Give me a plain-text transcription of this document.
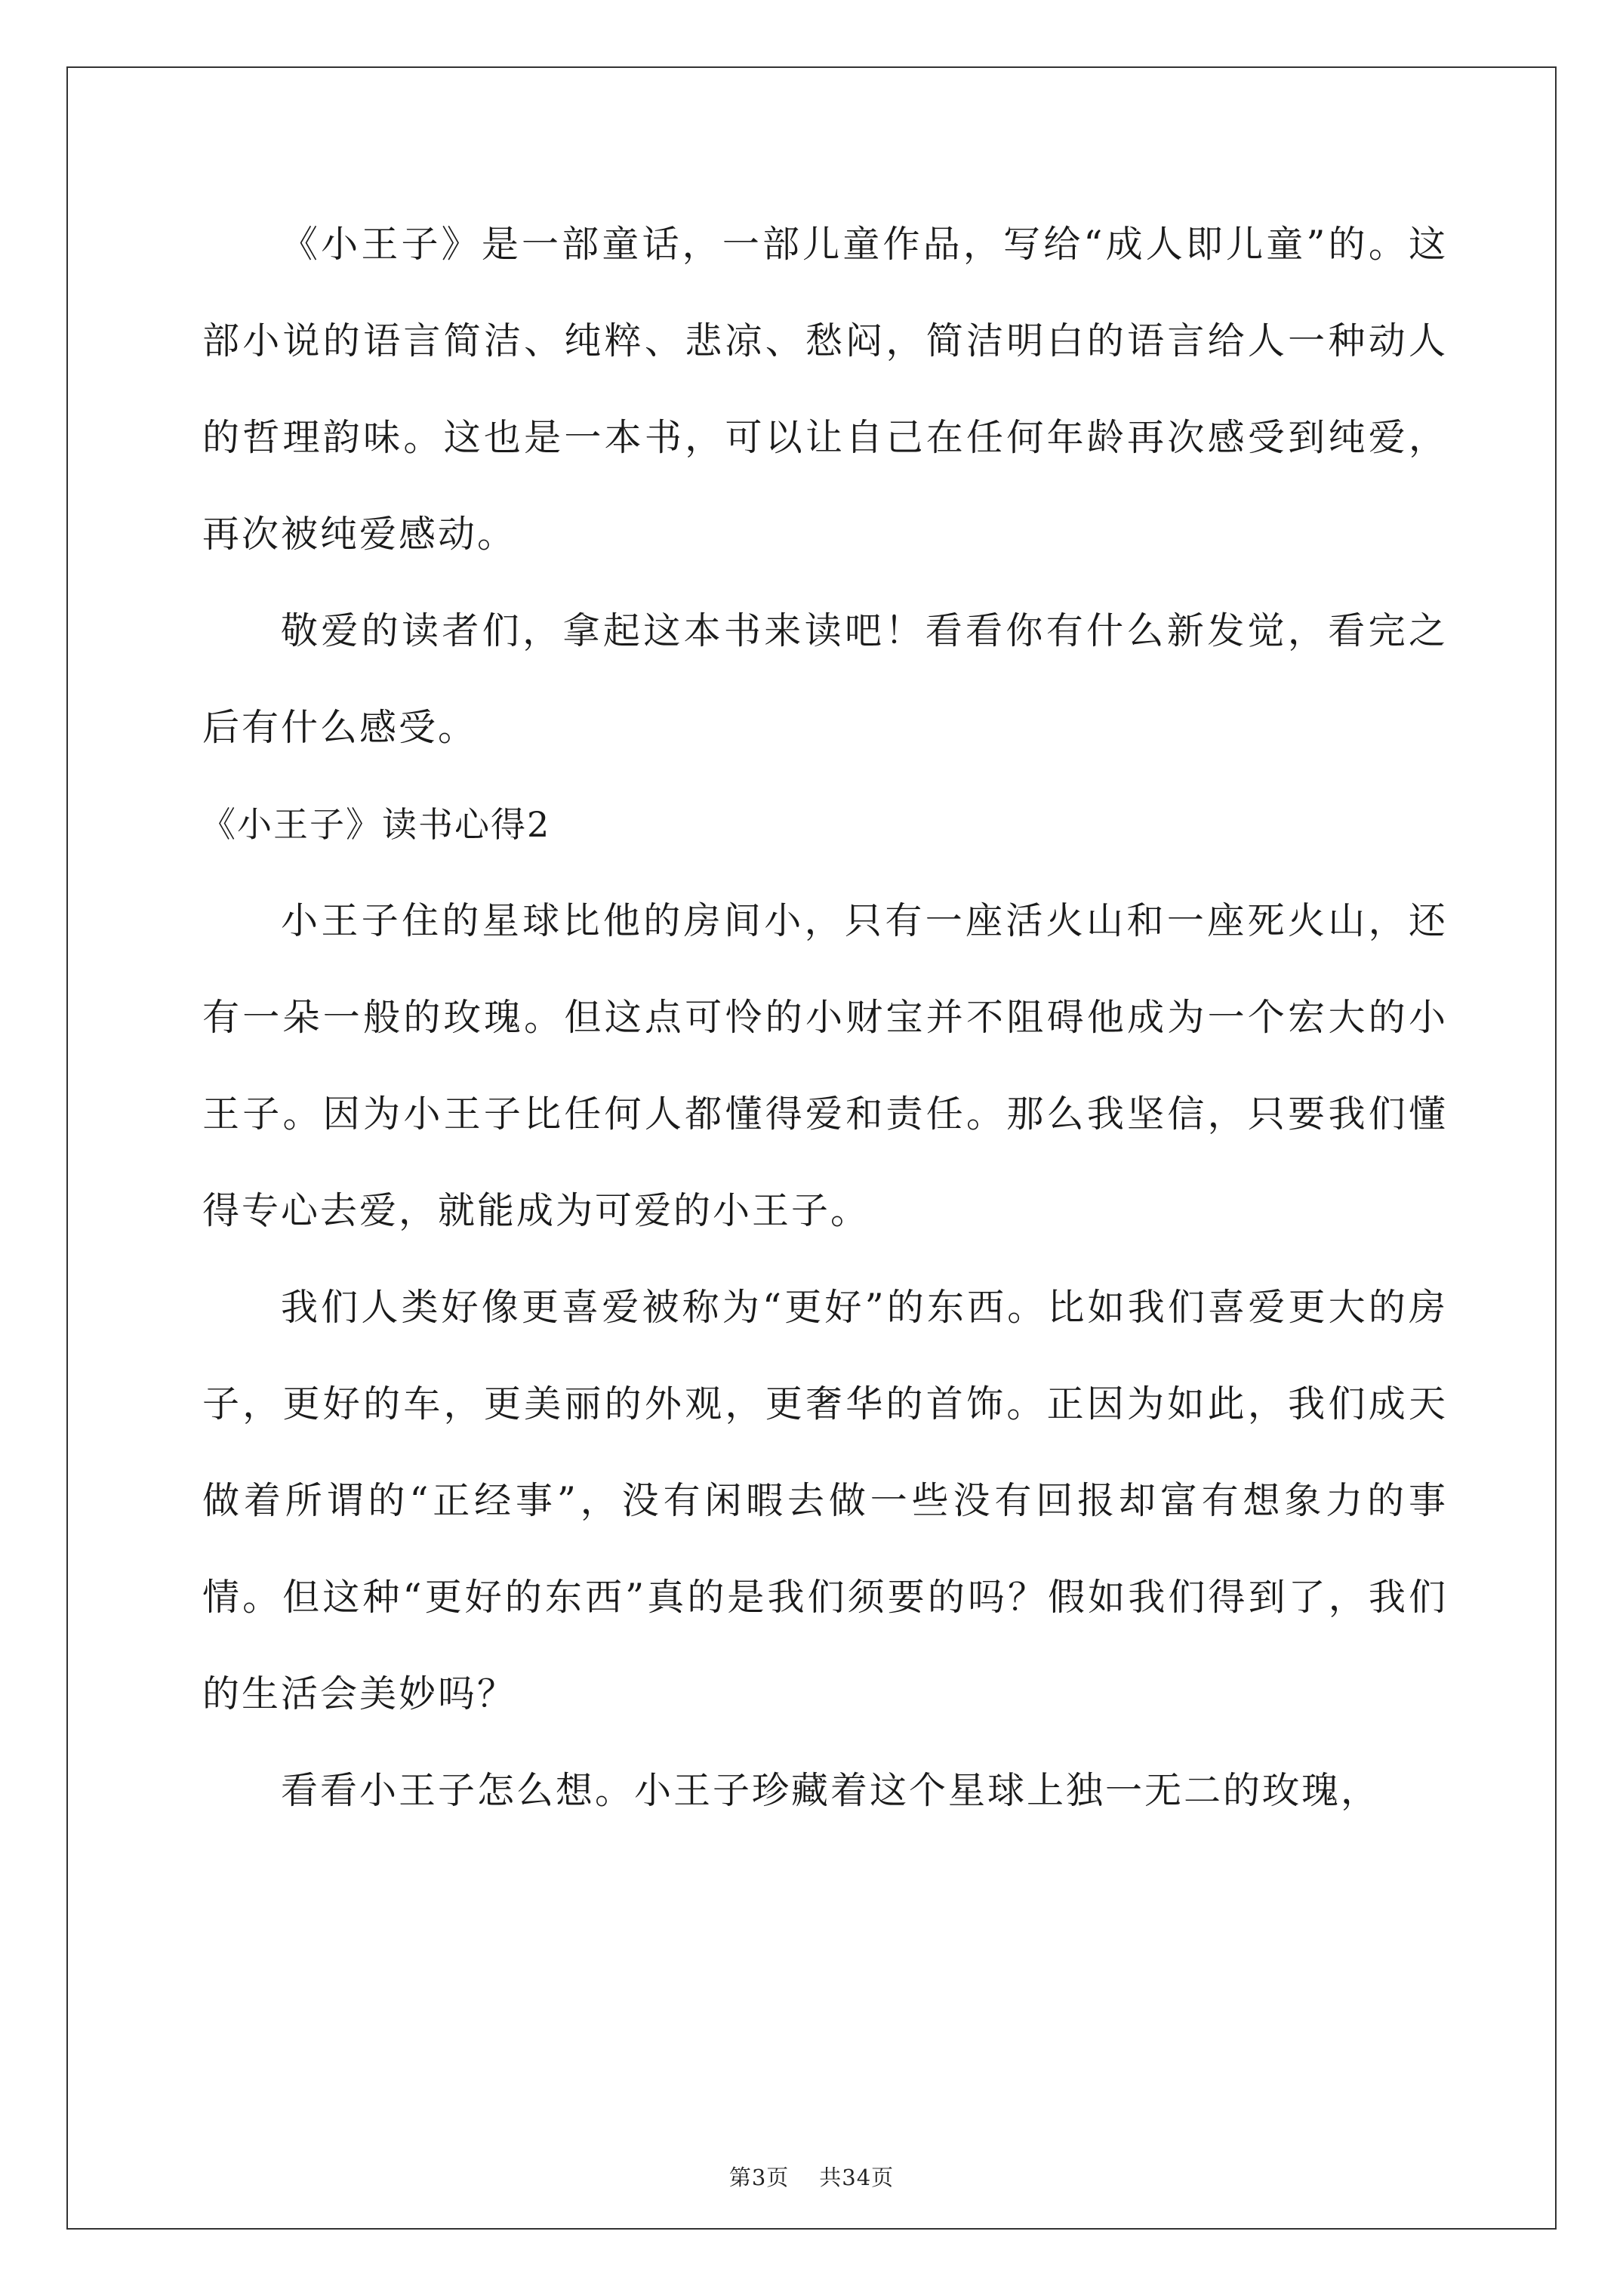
《小王子》是一部童话，一部儿童作品，写给“成人即儿童”的。这部小说的语言简洁、纯粹、悲凉、愁闷，简洁明白的语言给人一种动人的哲理韵味。这也是一本书，可以让自己在任何年龄再次感受到纯爱，再次被纯爱感动。

敬爱的读者们，拿起这本书来读吧！看看你有什么新发觉，看完之后有什么感受。

《小王子》读书心得2

小王子住的星球比他的房间小，只有一座活火山和一座死火山，还有一朵一般的玫瑰。但这点可怜的小财宝并不阻碍他成为一个宏大的小王子。因为小王子比任何人都懂得爱和责任。那么我坚信，只要我们懂得专心去爱，就能成为可爱的小王子。

我们人类好像更喜爱被称为“更好”的东西。比如我们喜爱更大的房子，更好的车，更美丽的外观，更奢华的首饰。正因为如此，我们成天做着所谓的“正经事”，没有闲暇去做一些没有回报却富有想象力的事情。但这种“更好的东西”真的是我们须要的吗？假如我们得到了，我们的生活会美妙吗？

看看小王子怎么想。小王子珍藏着这个星球上独一无二的玫瑰，

第3页 共34页
